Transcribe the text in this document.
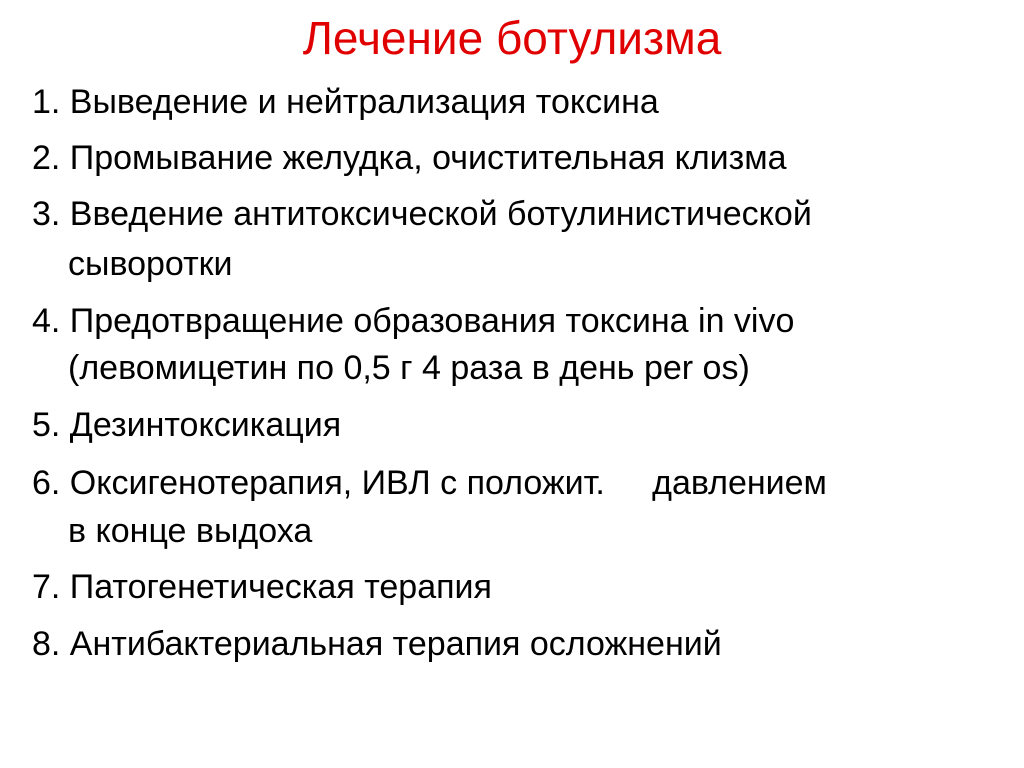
Лечение ботулизма
1. Выведение и нейтрализация токсина
2. Промывание желудка, очистительная клизма
3. Введение антитоксической ботулинистической
сыворотки
4. Предотвращение образования токсина in vivo
(левомицетин по 0,5 г 4 раза в день per os)
5. Дезинтоксикация
6. Оксигенотерапия, ИВЛ с положит.     давлением
в конце выдоха
7. Патогенетическая терапия
8. Антибактериальная терапия осложнений
